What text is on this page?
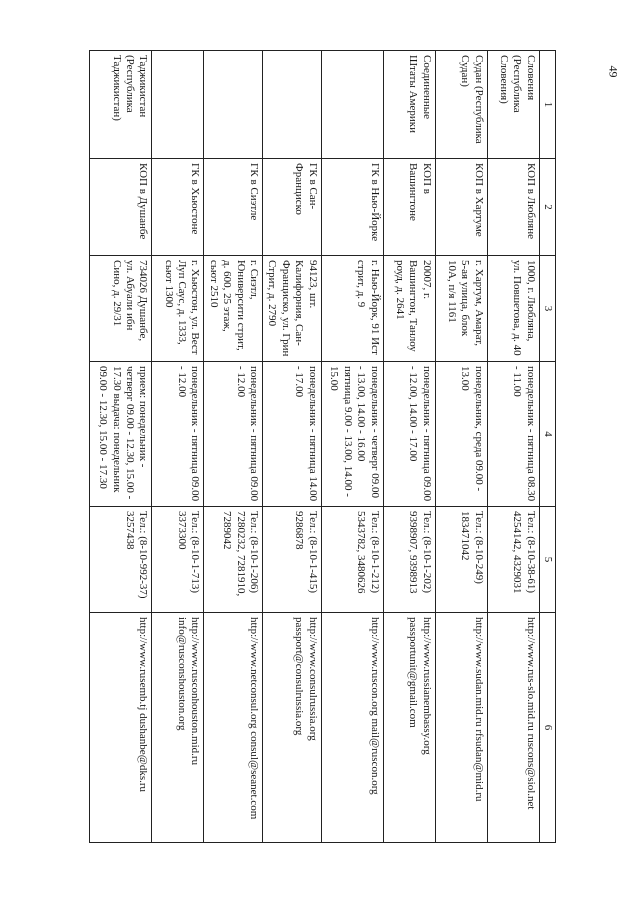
49
1	2	3	4	5	6
Словения (Республика Словения)	КОП в Любляне	1000, г. Любляна, ул. Повшетова, д. 40	понедельник - пятница 08.30 - 11.00	Тел.: (8-10-38-61) 4254142, 4329031	http://www.rus-slo.mid.ru ruscons@siol.net
Судан (Республика Судан)	КОП в Хартуме	г. Хартум, Амарат, 5-ая улица, блок 10А, п/я 1161	понедельник, среда 09.00 - 13.00	Тел.: (8-10-249) 183471042	http://www.sudan.mid.ru rfsudan@mid.ru
Соединенные Штаты Америки	КОП в Вашингтоне	20007, г. Вашингтон, Танлоу роуд, д. 2641	понедельник - пятница 09.00 - 12.00, 14.00 - 17.00	Тел.: (8-10-1-202) 9398907, 9398913	http://www.russianembassy.org passportunit@gmail.com
	ГК в Нью-Йорке	г. Нью-Йорк, 91 Ист стрит, д. 9	понедельник - четверг 09.00 - 13.00, 14.00 - 16.00 пятница 9.00 - 13.00, 14.00 - 15.00	Тел.: (8-10-1-212) 5343782, 3480626	http://www.ruscon.org mail@ruscon.org
	ГК в Сан-Франциско	94123, шт. Калифорния, Сан-Франциско, ул. Грин Стрит, д. 2790	понедельник - пятница 14.00 - 17.00	Тел.: (8-10-1-415) 9286878	http://www.consulrussia.org passport@consulrussia.org
	ГК в Сиэтле	г. Сиэтл, Юниверсити стрит, д. 600, 25 этаж, сьют 2510	понедельник - пятница 09.00 - 12.00	Тел.: (8-10-1-206) 7280232, 7281910, 7289042	http://www.netconsul.org consul@seanet.com
	ГК в Хьюстоне	г. Хьюстон, ул. Вест Луп Саус, д. 1333, сьют 1300	понедельник - пятница 09.00 - 12.00	Тел.: (8-10-1-713) 3373300	http://www.rusconhouston.mid.ru info@rusconshouston.org
Таджикистан (Республика Таджикистан)	КОП в Душанбе	734026 Душанбе, ул. Абуали ибн Сино, д. 29/31	прием: понедельник - четверг 09.00 - 12.30, 15.00 - 17.30 выдача: понедельник 09.00 - 12.30, 15.00 - 17.30	Тел.: (8-10-992-37) 3257438	http://www.rusemb.tj dushanbe@dks.ru
